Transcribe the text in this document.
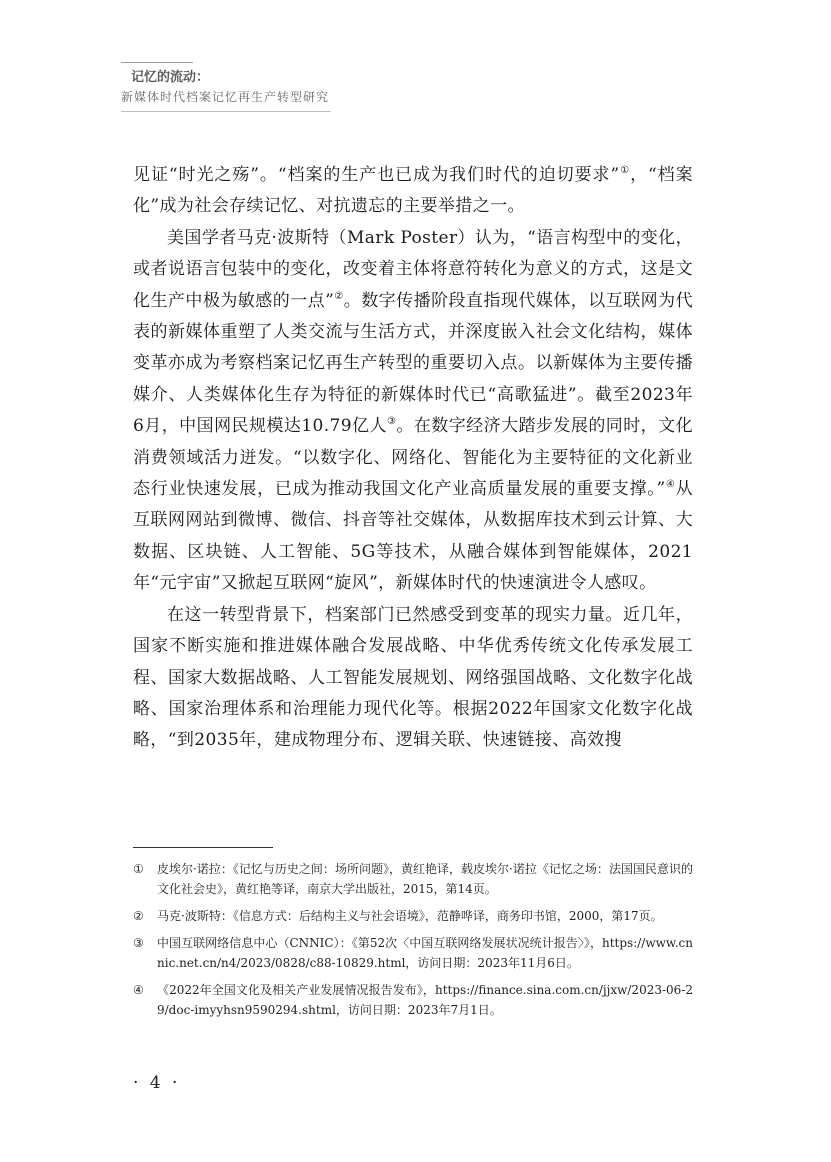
记忆的流动：
新媒体时代档案记忆再生产转型研究

见证“时光之殇”。“档案的生产也已成为我们时代的迫切要求”①，“档案化”成为社会存续记忆、对抗遗忘的主要举措之一。

美国学者马克·波斯特（Mark Poster）认为，“语言构型中的变化，或者说语言包装中的变化，改变着主体将意符转化为意义的方式，这是文化生产中极为敏感的一点”②。数字传播阶段直指现代媒体，以互联网为代表的新媒体重塑了人类交流与生活方式，并深度嵌入社会文化结构，媒体变革亦成为考察档案记忆再生产转型的重要切入点。以新媒体为主要传播媒介、人类媒体化生存为特征的新媒体时代已“高歌猛进”。截至2023年6月，中国网民规模达10.79亿人③。在数字经济大踏步发展的同时，文化消费领域活力迸发。“以数字化、网络化、智能化为主要特征的文化新业态行业快速发展，已成为推动我国文化产业高质量发展的重要支撑。”④从互联网网站到微博、微信、抖音等社交媒体，从数据库技术到云计算、大数据、区块链、人工智能、5G等技术，从融合媒体到智能媒体，2021年“元宇宙”又掀起互联网“旋风”，新媒体时代的快速演进令人感叹。

在这一转型背景下，档案部门已然感受到变革的现实力量。近几年，国家不断实施和推进媒体融合发展战略、中华优秀传统文化传承发展工程、国家大数据战略、人工智能发展规划、网络强国战略、文化数字化战略、国家治理体系和治理能力现代化等。根据2022年国家文化数字化战略，“到2035年，建成物理分布、逻辑关联、快速链接、高效搜

①	皮埃尔·诺拉：《记忆与历史之间：场所问题》，黄红艳译，载皮埃尔·诺拉《记忆之场：法国国民意识的文化社会史》，黄红艳等译，南京大学出版社，2015，第14页。
②	马克·波斯特：《信息方式：后结构主义与社会语境》，范静哗译，商务印书馆，2000，第17页。
③	中国互联网络信息中心（CNNIC）：《第52次〈中国互联网络发展状况统计报告〉》，https://www.cnnic.net.cn/n4/2023/0828/c88-10829.html，访问日期：2023年11月6日。
④	《2022年全国文化及相关产业发展情况报告发布》，https://finance.sina.com.cn/jjxw/2023-06-29/doc-imyyhsn9590294.shtml，访问日期：2023年7月1日。
· 4 ·
